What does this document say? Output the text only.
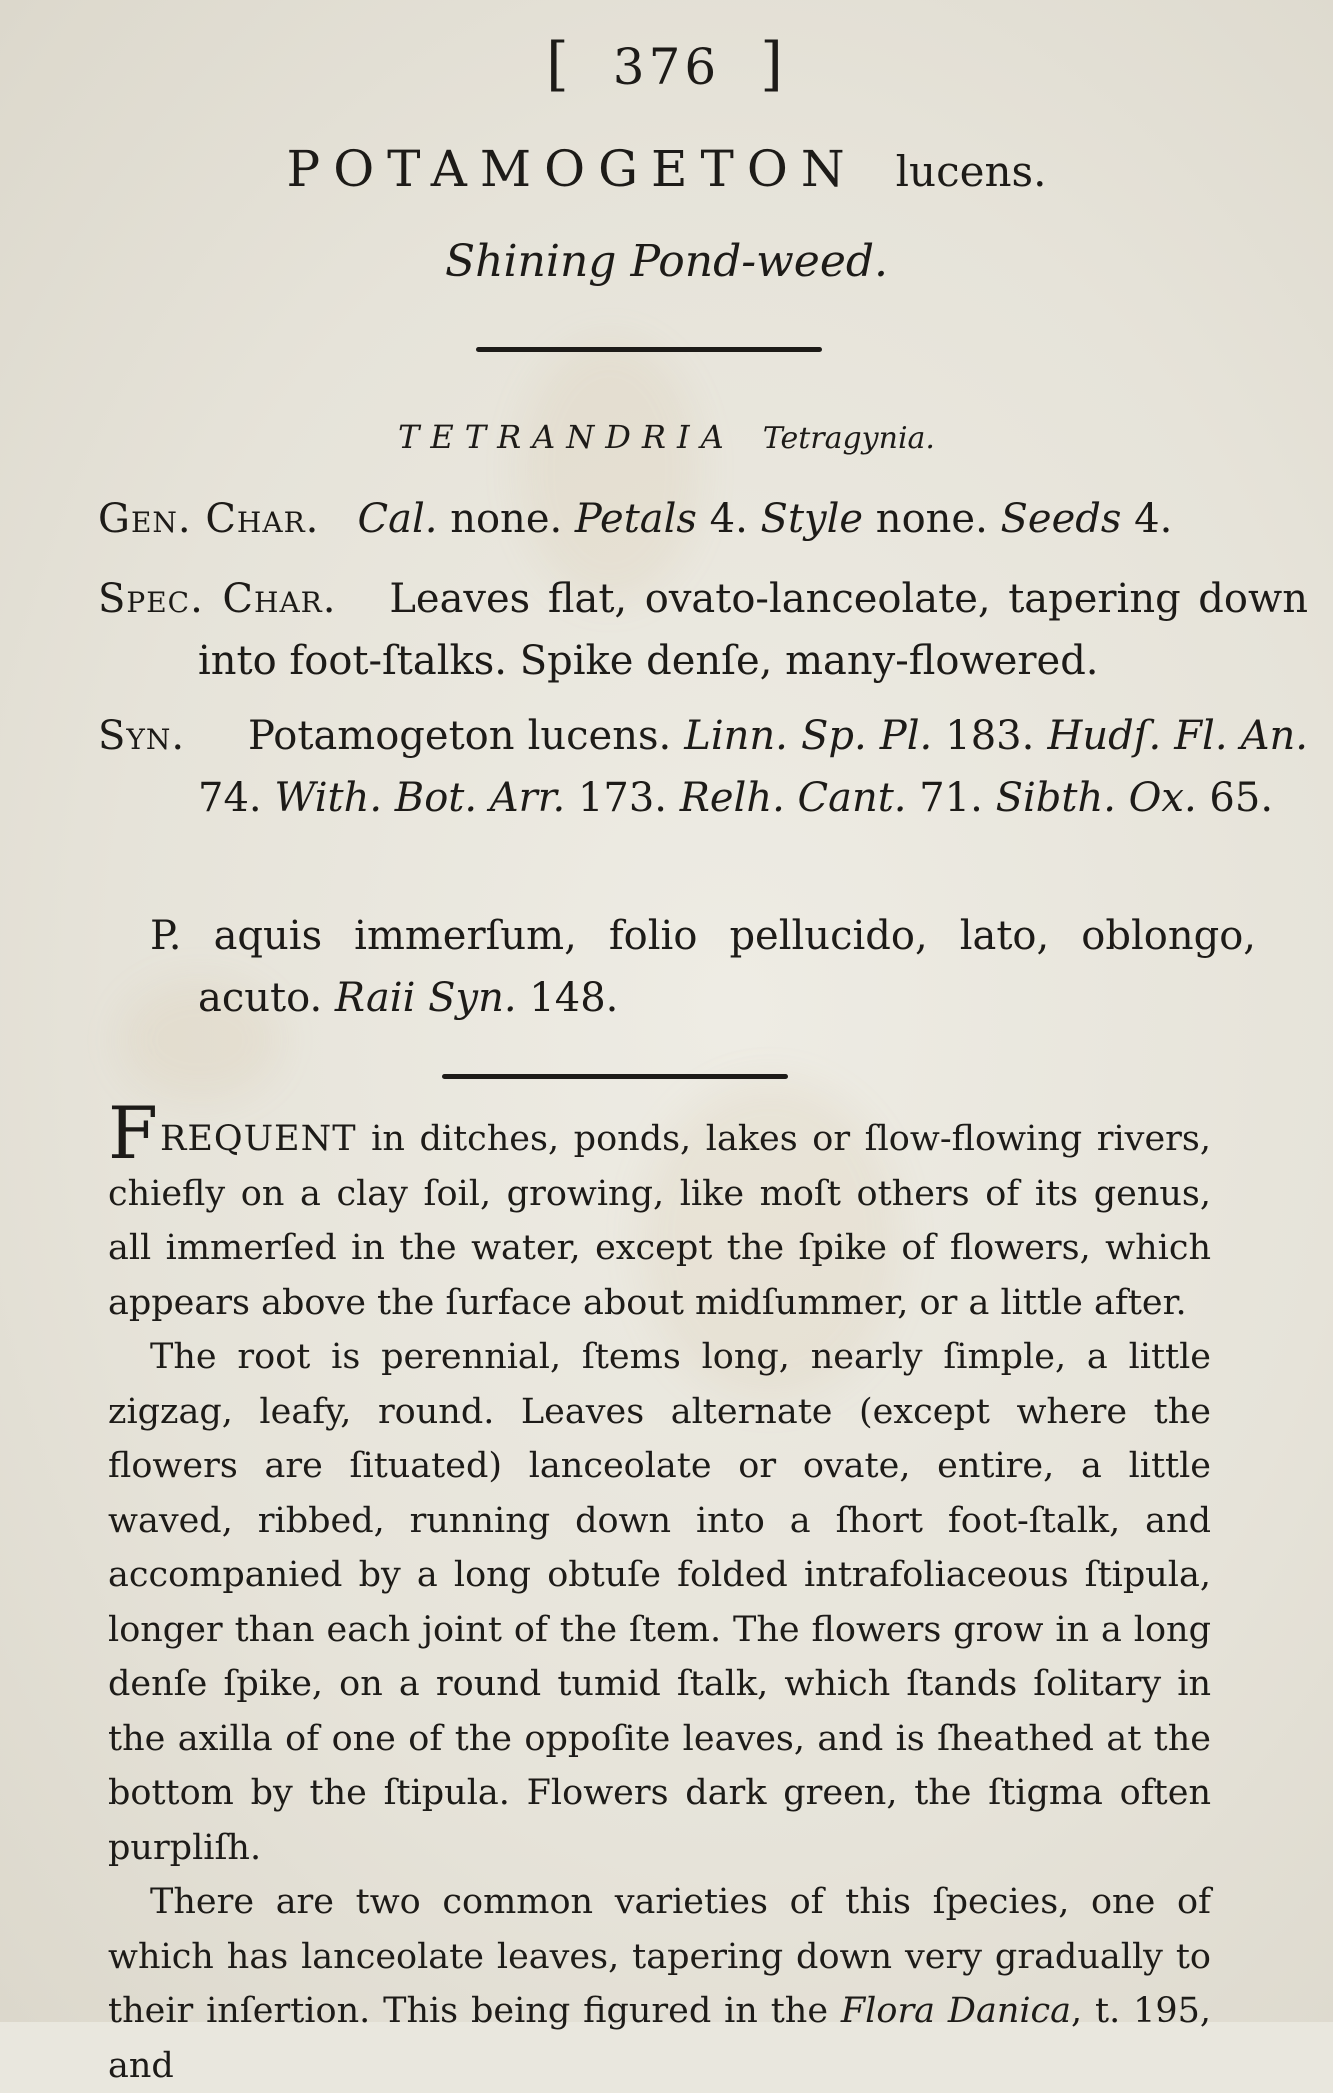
[ 376 ]
POTAMOGETON lucens.
Shining Pond-weed.
TETRANDRIA Tetragynia.
Gen. Char. Cal. none. Petals 4. Style none. Seeds 4.
Spec. Char. Leaves flat, ovato-lanceolate, tapering down into foot-ſtalks. Spike denſe, many-flowered.
Syn. Potamogeton lucens. Linn. Sp. Pl. 183. Hudſ. Fl. An. 74. With. Bot. Arr. 173. Relh. Cant. 71. Sibth. Ox. 65.
P. aquis immerſum, folio pellucido, lato, oblongo, acuto. Raii Syn. 148.

FREQUENT in ditches, ponds, lakes or ſlow-flowing rivers, chiefly on a clay ſoil, growing, like moſt others of its genus, all immerſed in the water, except the ſpike of flowers, which appears above the ſurface about midſummer, or a little after.

The root is perennial, ſtems long, nearly ſimple, a little zigzag, leafy, round. Leaves alternate (except where the flowers are ſituated) lanceolate or ovate, entire, a little waved, ribbed, running down into a ſhort foot-ſtalk, and accompanied by a long obtuſe folded intrafoliaceous ſtipula, longer than each joint of the ſtem. The flowers grow in a long denſe ſpike, on a round tumid ſtalk, which ſtands ſolitary in the axilla of one of the oppoſite leaves, and is ſheathed at the bottom by the ſtipula. Flowers dark green, the ſtigma often purpliſh.

There are two common varieties of this ſpecies, one of which has lanceolate leaves, tapering down very gradually to their inſertion. This being figured in the Flora Danica, t. 195, and
